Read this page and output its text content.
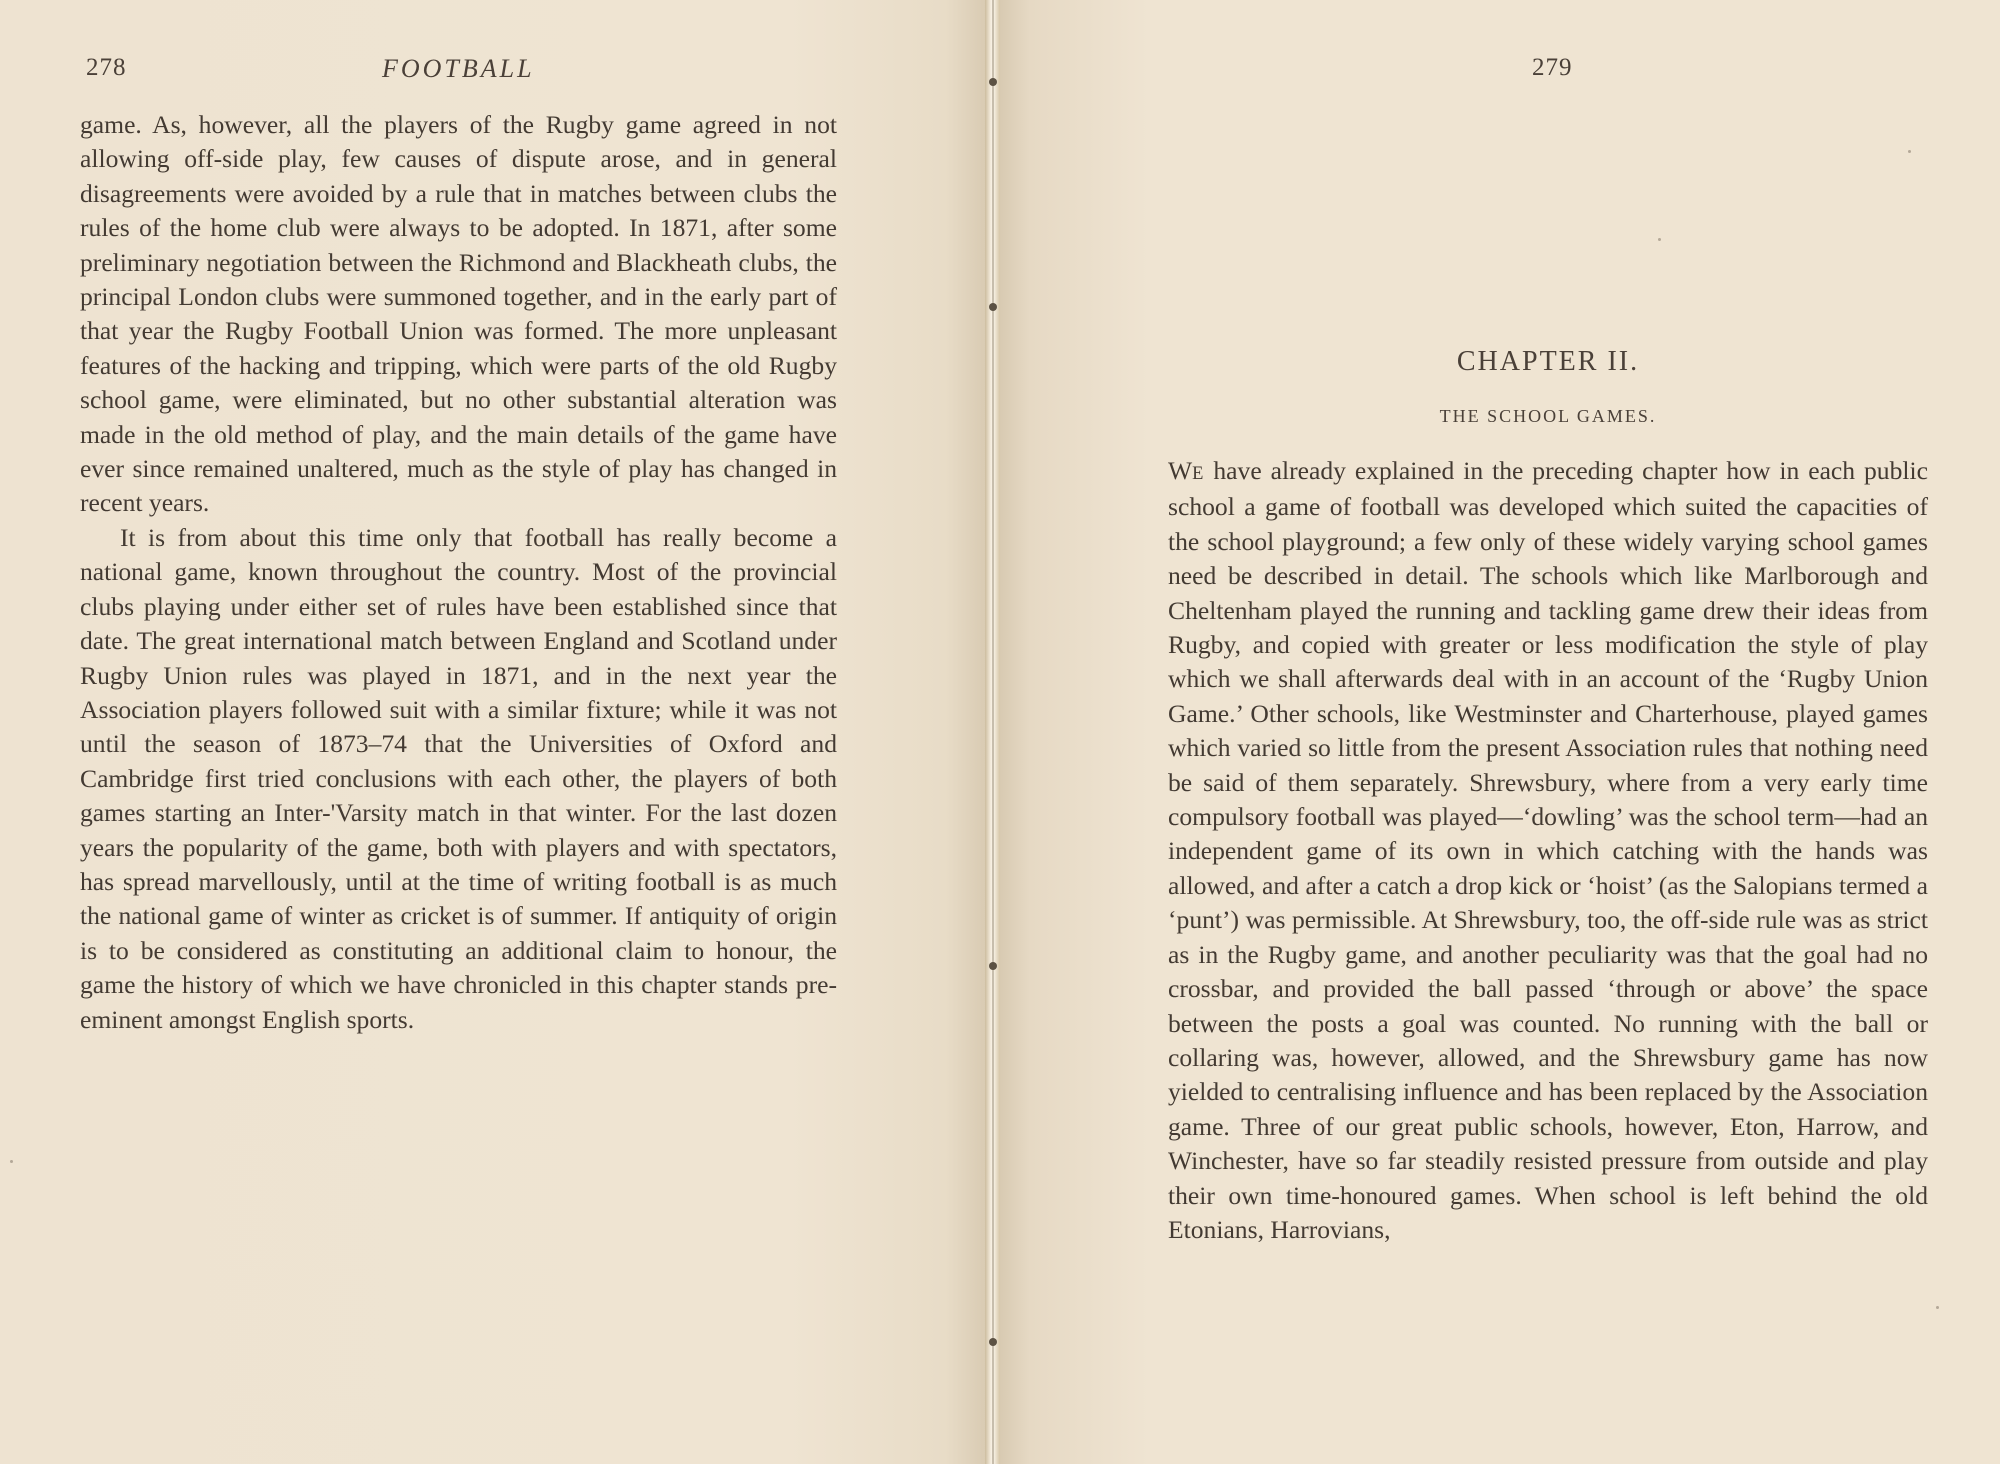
278	FOOTBALL

game. As, however, all the players of the Rugby game agreed in not allowing off-side play, few causes of dispute arose, and in general disagreements were avoided by a rule that in matches between clubs the rules of the home club were always to be adopted. In 1871, after some preliminary negotiation between the Richmond and Blackheath clubs, the principal London clubs were summoned together, and in the early part of that year the Rugby Football Union was formed. The more unpleasant features of the hacking and tripping, which were parts of the old Rugby school game, were eliminated, but no other substantial alteration was made in the old method of play, and the main details of the game have ever since remained unaltered, much as the style of play has changed in recent years.

It is from about this time only that football has really become a national game, known throughout the country. Most of the provincial clubs playing under either set of rules have been established since that date. The great international match between England and Scotland under Rugby Union rules was played in 1871, and in the next year the Association players followed suit with a similar fixture; while it was not until the season of 1873–74 that the Universities of Oxford and Cambridge first tried conclusions with each other, the players of both games starting an Inter-'Varsity match in that winter. For the last dozen years the popularity of the game, both with players and with spectators, has spread marvellously, until at the time of writing football is as much the national game of winter as cricket is of summer. If antiquity of origin is to be considered as constituting an additional claim to honour, the game the history of which we have chronicled in this chapter stands pre-eminent amongst English sports.

279
CHAPTER II.
THE SCHOOL GAMES.

WE have already explained in the preceding chapter how in each public school a game of football was developed which suited the capacities of the school playground; a few only of these widely varying school games need be described in detail. The schools which like Marlborough and Cheltenham played the running and tackling game drew their ideas from Rugby, and copied with greater or less modification the style of play which we shall afterwards deal with in an account of the ‘Rugby Union Game.’ Other schools, like Westminster and Charterhouse, played games which varied so little from the present Association rules that nothing need be said of them separately. Shrewsbury, where from a very early time compulsory football was played—‘dowling’ was the school term—had an independent game of its own in which catching with the hands was allowed, and after a catch a drop kick or ‘hoist’ (as the Salopians termed a ‘punt’) was permissible. At Shrewsbury, too, the off-side rule was as strict as in the Rugby game, and another peculiarity was that the goal had no crossbar, and provided the ball passed ‘through or above’ the space between the posts a goal was counted. No running with the ball or collaring was, however, allowed, and the Shrewsbury game has now yielded to centralising influence and has been replaced by the Association game. Three of our great public schools, however, Eton, Harrow, and Winchester, have so far steadily resisted pressure from outside and play their own time-honoured games. When school is left behind the old Etonians, Harrovians,
